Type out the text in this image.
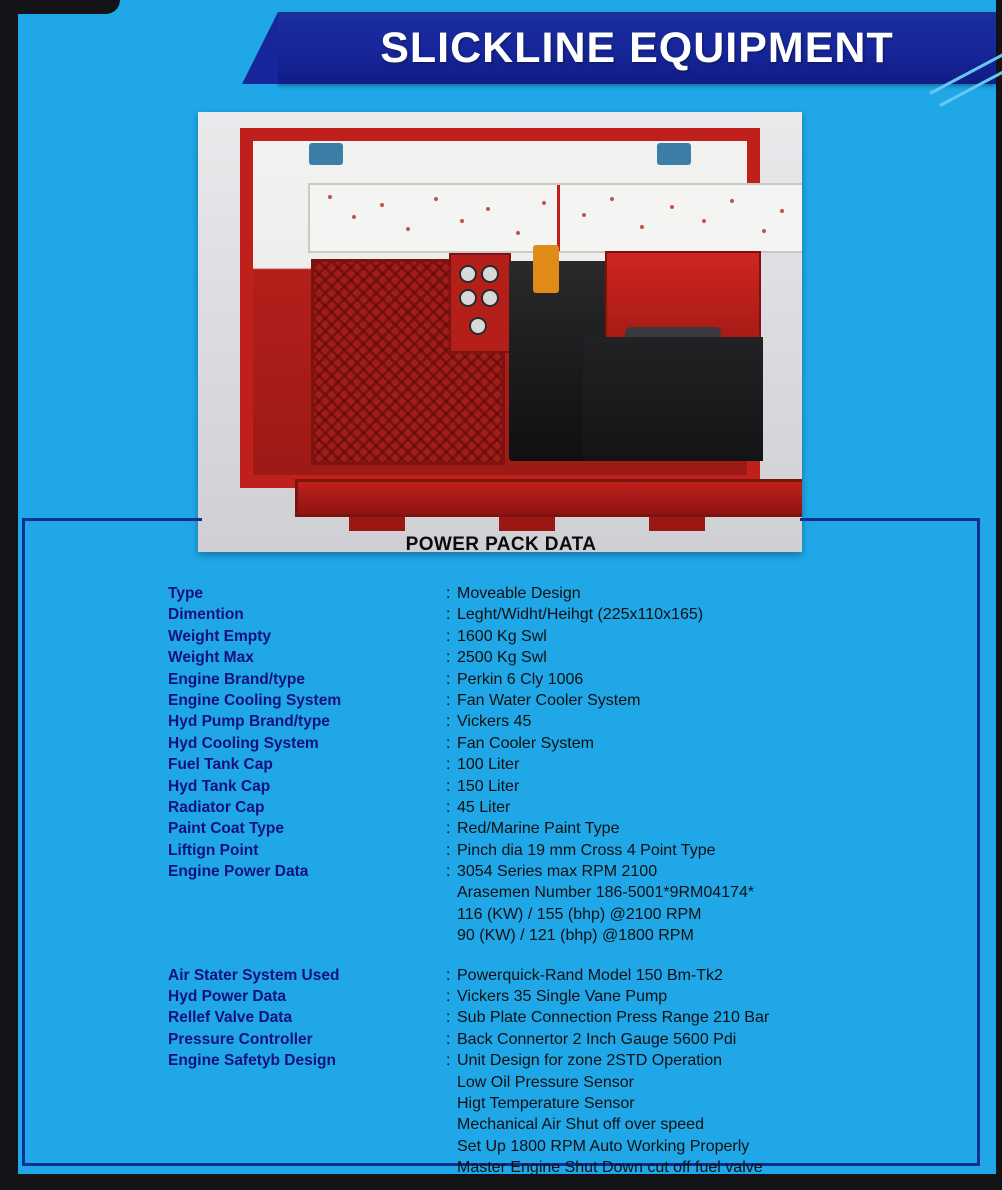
SLICKLINE EQUIPMENT
POWER PACK DATA
Type	: Moveable Design
Dimention	: Leght/Widht/Heihgt (225x110x165)
Weight Empty	: 1600 Kg Swl
Weight Max	: 2500 Kg Swl
Engine Brand/type	: Perkin 6 Cly 1006
Engine Cooling System	: Fan Water Cooler System
Hyd Pump Brand/type	: Vickers 45
Hyd Cooling System	: Fan Cooler System
Fuel Tank Cap	: 100 Liter
Hyd Tank Cap	: 150 Liter
Radiator Cap	: 45 Liter
Paint Coat Type	: Red/Marine Paint Type
Liftign Point	: Pinch dia 19 mm Cross 4 Point Type
Engine Power Data	: 3054 Series max RPM 2100
Arasemen Number 186-5001*9RM04174*
116 (KW) / 155 (bhp) @2100 RPM
90 (KW) / 121 (bhp) @1800 RPM
Air Stater System Used	: Powerquick-Rand Model 150 Bm-Tk2
Hyd Power Data	: Vickers 35 Single Vane Pump
Rellef Valve Data	: Sub Plate Connection Press Range 210 Bar
Pressure Controller	: Back Connertor 2 Inch Gauge 5600 Pdi
Engine Safetyb Design	: Unit Design for zone 2STD Operation
Low Oil Pressure Sensor
Higt Temperature Sensor
Mechanical Air Shut off over speed
Set Up 1800 RPM Auto Working Properly
Master Engine Shut Down cut off fuel valve
